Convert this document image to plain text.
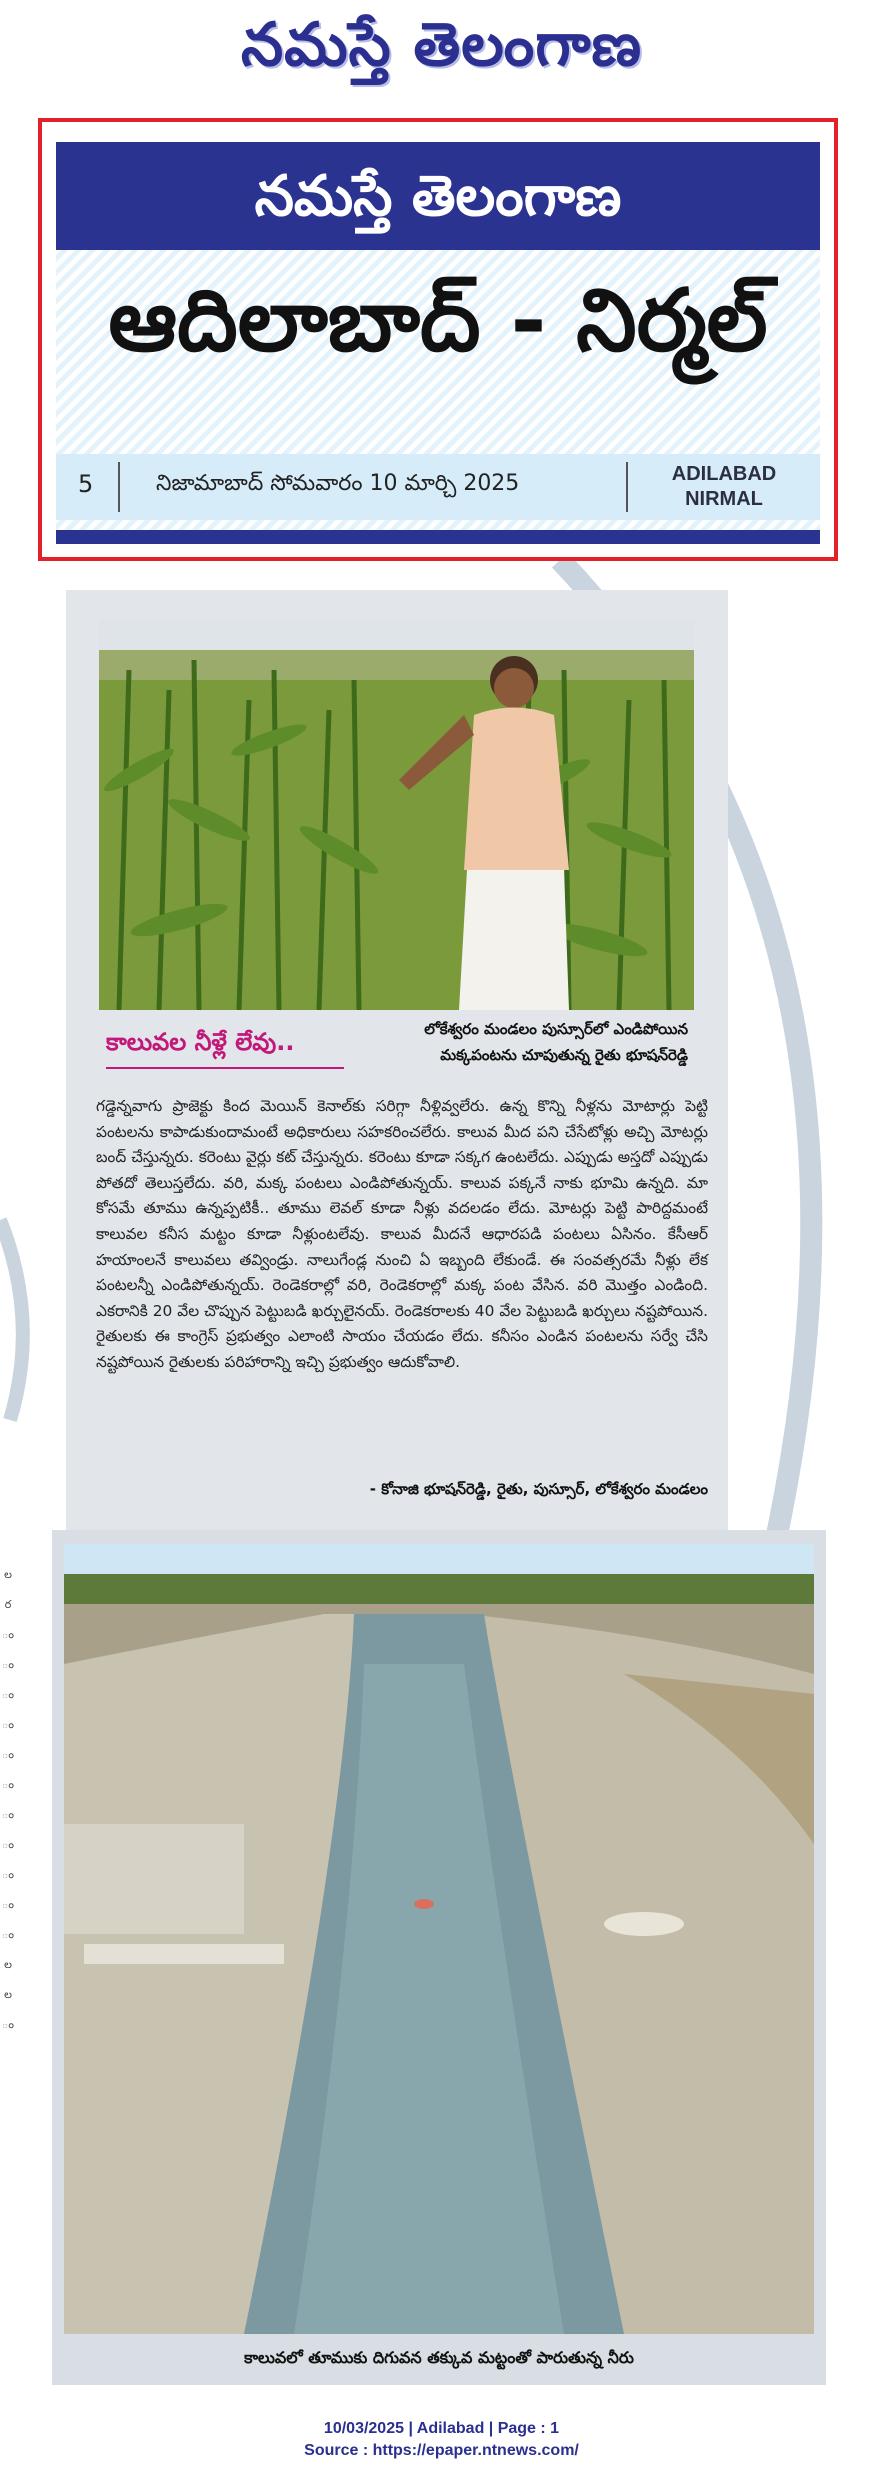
నమస్తే తెలంగాణ
నమస్తే తెలంగాణ
ఆదిలాబాద్ - నిర్మల్
5	నిజామాబాద్ సోమవారం 10 మార్చి 2025	ADILABAD
NIRMAL
లోకేశ్వరం మండలం పుస్సూర్‌లో ఎండిపోయిన
మక్కపంటను చూపుతున్న రైతు భూషన్‌రెడ్డి
కాలువల నీళ్లే లేవు..

గడ్డెన్నవాగు ప్రాజెక్టు కింద మెయిన్ కెనాల్‌కు సరిగ్గా నీళ్లివ్వలేరు. ఉన్న కొన్ని నీళ్లను మోటార్లు పెట్టి పంటలను కాపాడుకుందామంటే అధికారులు సహకరించలేరు. కాలువ మీద పని చేసేటోళ్లు అచ్చి మోటర్లు బంద్ చేస్తున్నరు. కరెంటు వైర్లు కట్ చేస్తున్నరు. కరెంటు కూడా సక్కగ ఉంటలేదు. ఎప్పుడు అస్తదో ఎప్పుడు పోతదో తెలుస్తలేదు. వరి, మక్క పంటలు ఎండిపోతున్నయ్. కాలువ పక్కనే నాకు భూమి ఉన్నది. మా కోసమే తూము ఉన్నప్పటికీ.. తూము లెవల్ కూడా నీళ్లు వదలడం లేదు. మోటర్లు పెట్టి పారిద్దమంటే కాలువల కనీస మట్టం కూడా నీళ్లుంటలేవు. కాలువ మీదనే ఆధారపడి పంటలు ఏసినం. కేసీఆర్ హయాంలనే కాలువలు తవ్విండ్రు. నాలుగేండ్ల నుంచి ఏ ఇబ్బంది లేకుండే. ఈ సంవత్సరమే నీళ్లు లేక పంటలన్నీ ఎండిపోతున్నయ్. రెండెకరాల్లో వరి, రెండెకరాల్లో మక్క పంట వేసిన. వరి మొత్తం ఎండింది. ఎకరానికి 20 వేల చొప్పున పెట్టుబడి ఖర్చులైనయ్. రెండెకరాలకు 40 వేల పెట్టుబడి ఖర్చులు నష్టపోయిన. రైతులకు ఈ కాంగ్రెస్ ప్రభుత్వం ఎలాంటి సాయం చేయడం లేదు. కనీసం ఎండిన పంటలను సర్వే చేసి నష్టపోయిన రైతులకు పరిహారాన్ని ఇచ్చి ప్రభుత్వం ఆదుకోవాలి.

- కోనాజి భూషన్‌రెడ్డి, రైతు, పుస్సూర్, లోకేశ్వరం మండలం
కాలువలో తూముకు దిగువన తక్కువ మట్టంతో పారుతున్న నీరు
ల
ర
ం
ం
ం
ం
ం
ం
ం
ం
ం
ం
ం
ల
ల
ం
10/03/2025 | Adilabad | Page : 1
Source : https://epaper.ntnews.com/
